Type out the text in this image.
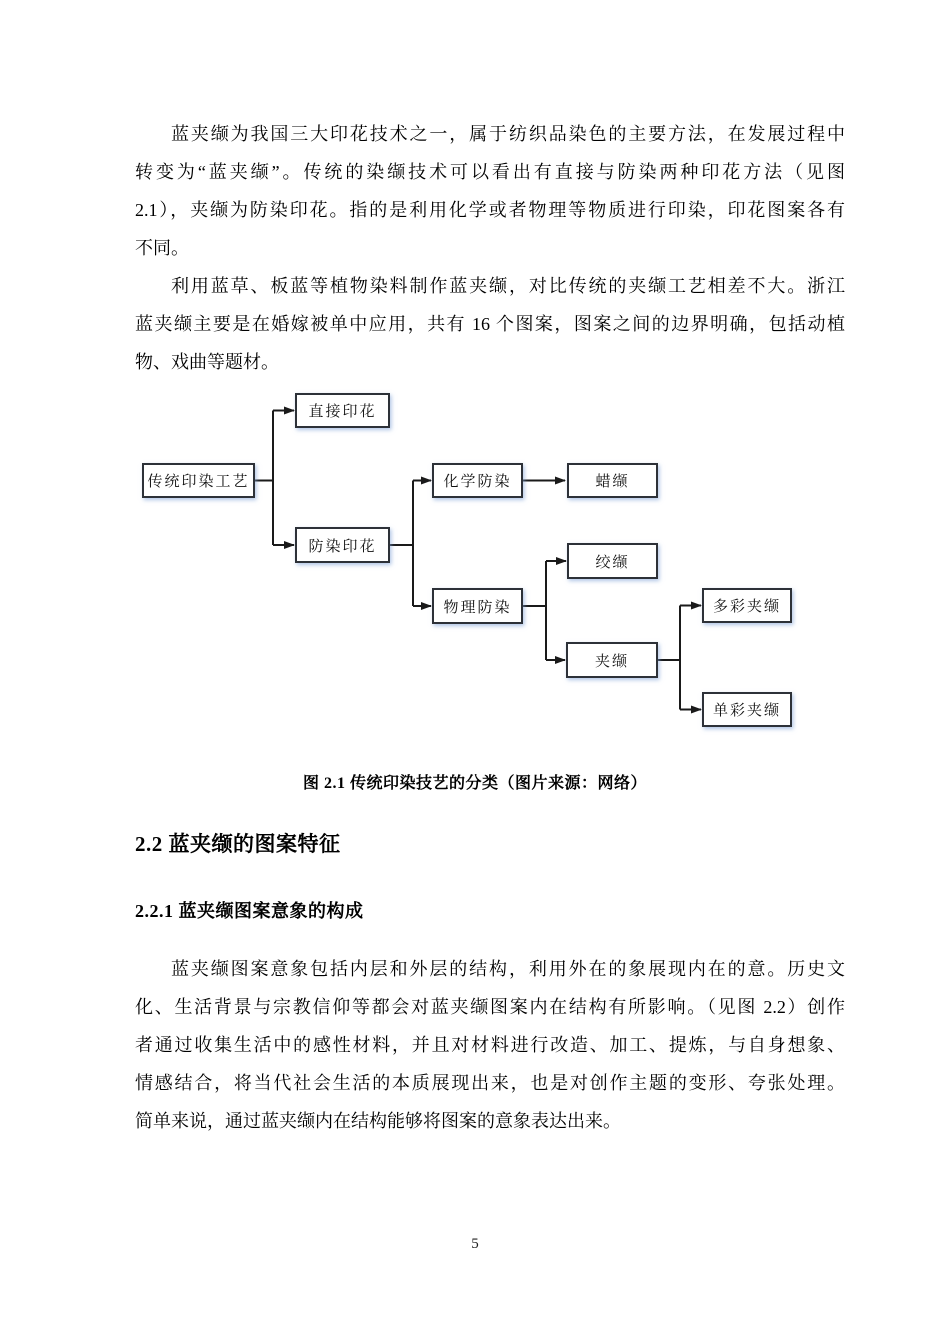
蓝夹缬为我国三大印花技术之一，属于纺织品染色的主要方法，在发展过程中
转变为“蓝夹缬”。传统的染缬技术可以看出有直接与防染两种印花方法（见图
2.1），夹缬为防染印花。指的是利用化学或者物理等物质进行印染，印花图案各有
不同。
利用蓝草、板蓝等植物染料制作蓝夹缬，对比传统的夹缬工艺相差不大。浙江
蓝夹缬主要是在婚嫁被单中应用，共有 16 个图案，图案之间的边界明确，包括动植
物、戏曲等题材。
传统印染工艺
直接印花
防染印花
化学防染	蜡缬
绞缬
物理防染
夹缬
多彩夹缬
单彩夹缬
图 2.1 传统印染技艺的分类（图片来源：网络）
2.2 蓝夹缬的图案特征
2.2.1 蓝夹缬图案意象的构成
蓝夹缬图案意象包括内层和外层的结构，利用外在的象展现内在的意。历史文
化、生活背景与宗教信仰等都会对蓝夹缬图案内在结构有所影响。（见图 2.2）创作
者通过收集生活中的感性材料，并且对材料进行改造、加工、提炼，与自身想象、
情感结合，将当代社会生活的本质展现出来，也是对创作主题的变形、夸张处理。
简单来说，通过蓝夹缬内在结构能够将图案的意象表达出来。
5
